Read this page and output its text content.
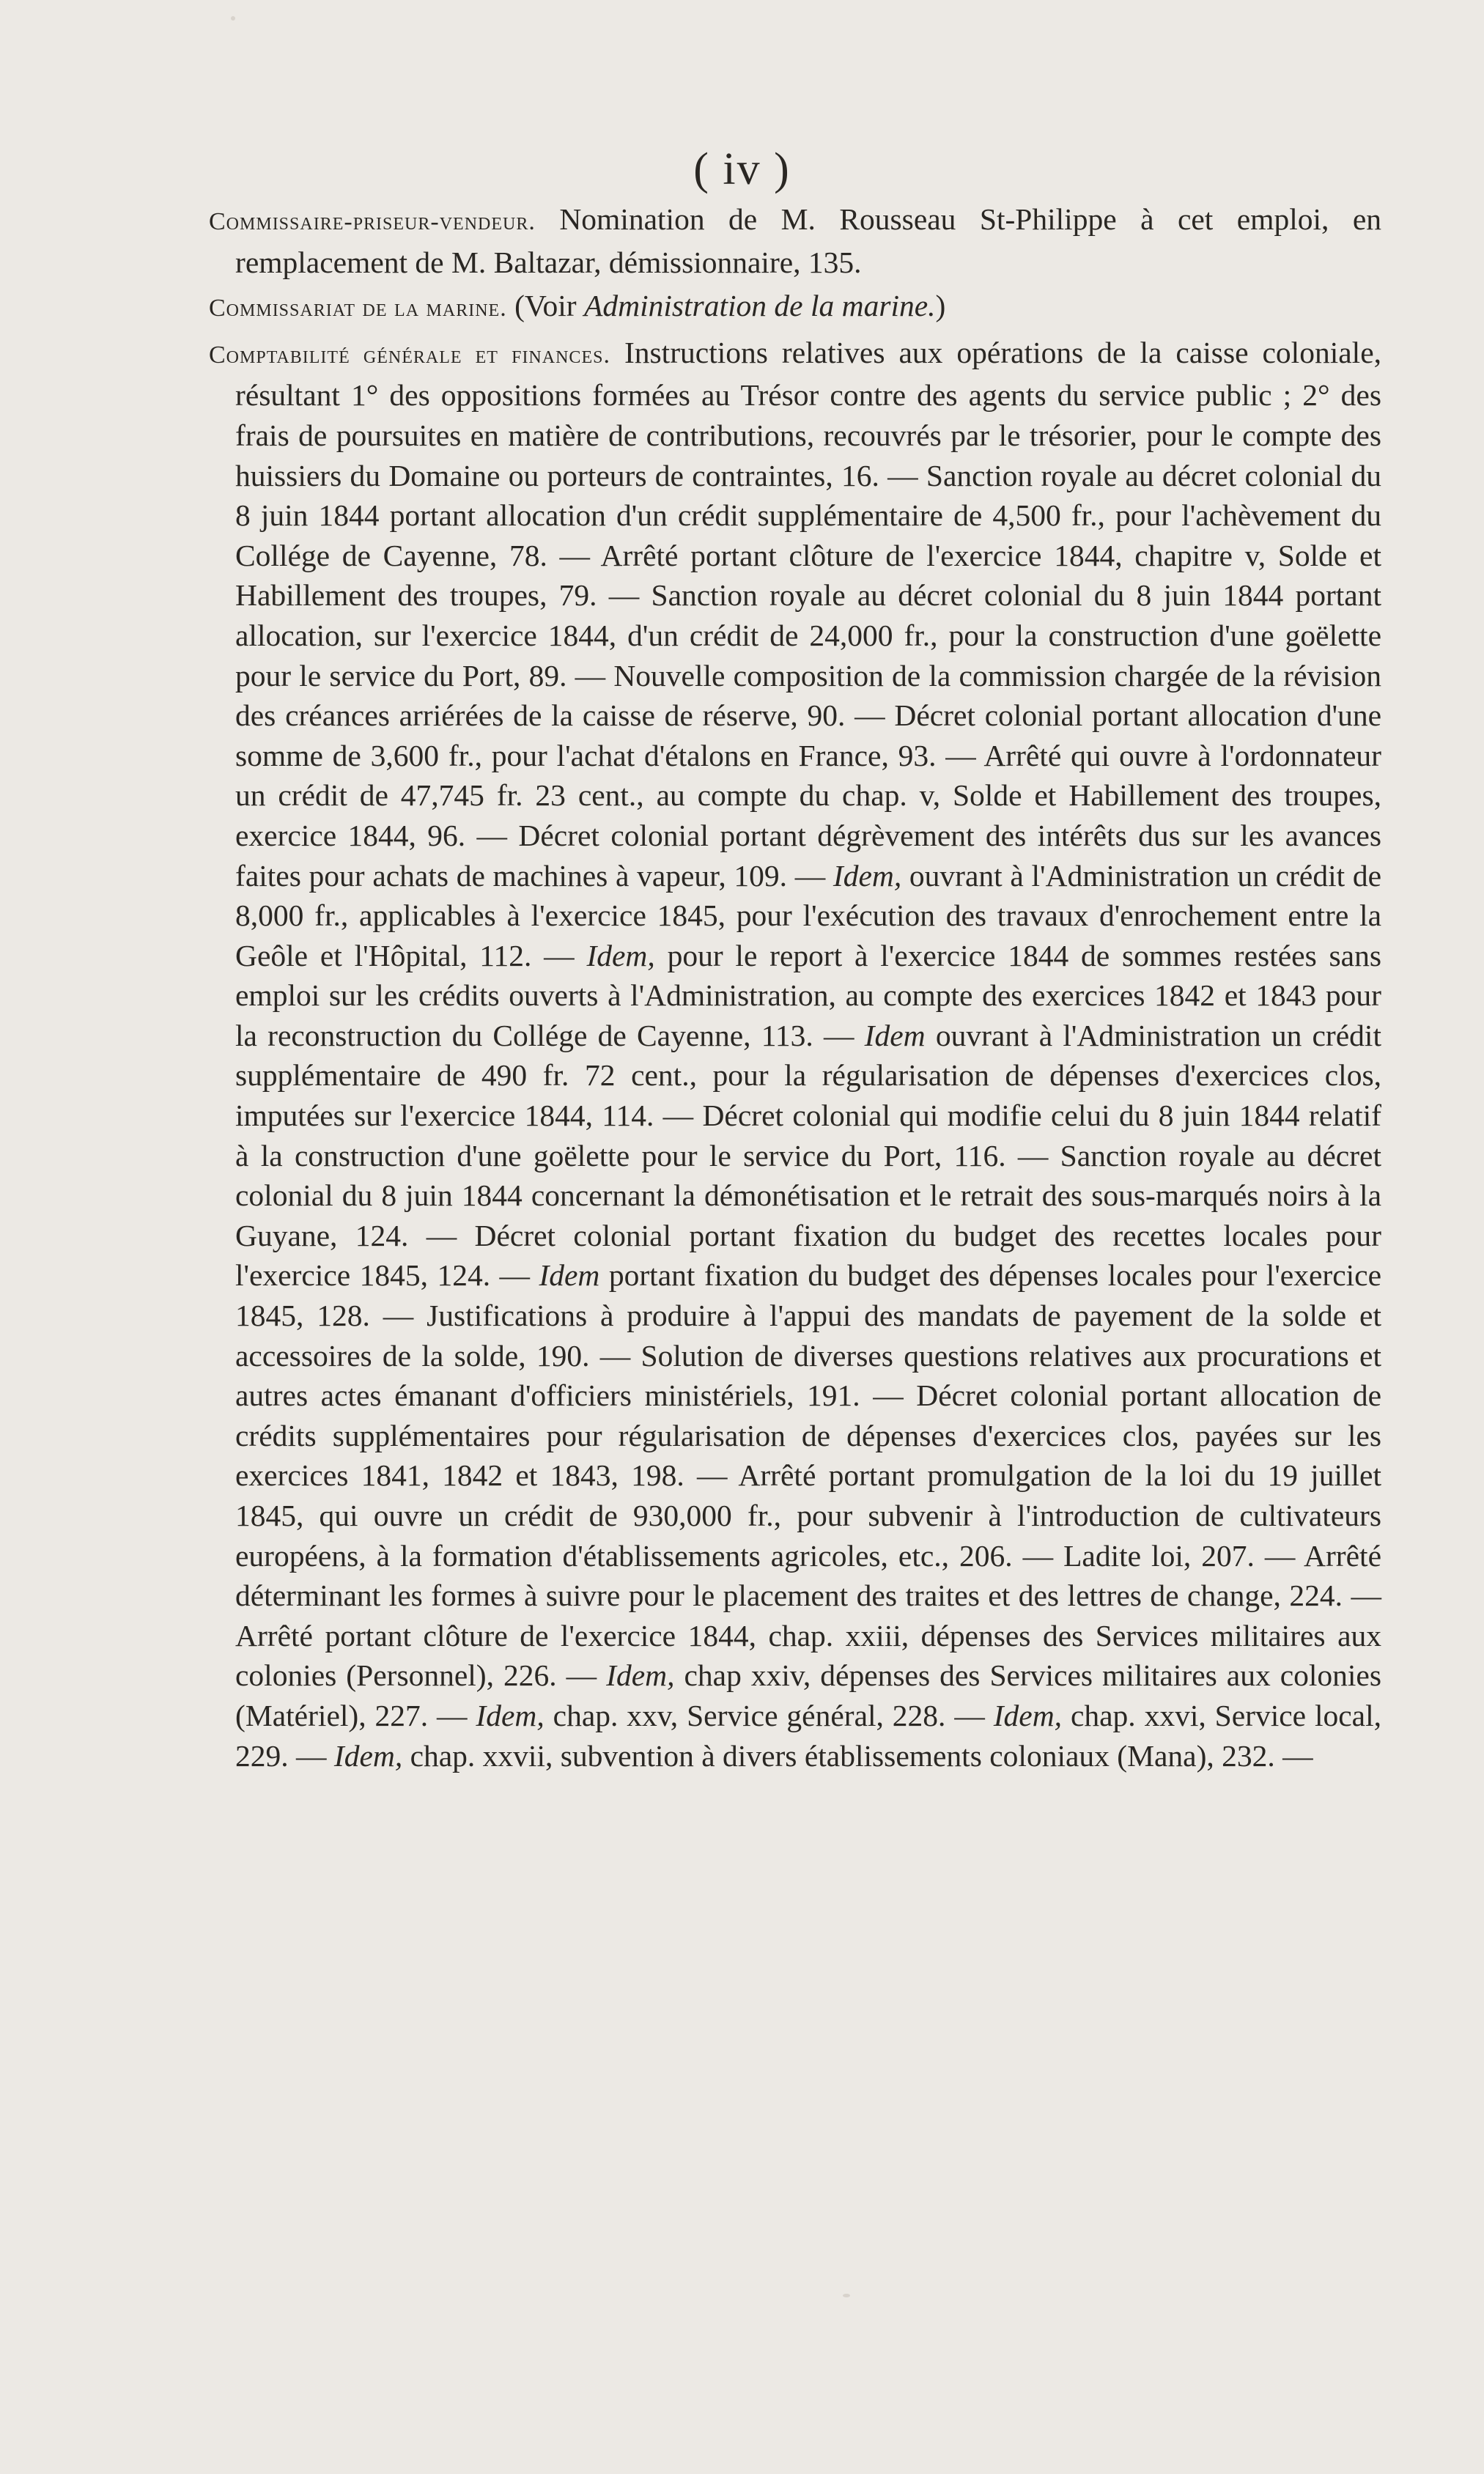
( iv )

Commissaire-priseur-vendeur. Nomination de M. Rousseau St-Philippe à cet emploi, en remplacement de M. Baltazar, démissionnaire, 135.

Commissariat de la marine. (Voir Administration de la marine.)

Comptabilité générale et finances. Instructions relatives aux opérations de la caisse coloniale, résultant 1° des oppositions formées au Trésor contre des agents du service public ; 2° des frais de poursuites en matière de contributions, recouvrés par le trésorier, pour le compte des huissiers du Domaine ou porteurs de contraintes, 16. — Sanction royale au décret colonial du 8 juin 1844 portant allocation d'un crédit supplémentaire de 4,500 fr., pour l'achèvement du Collége de Cayenne, 78. — Arrêté portant clôture de l'exercice 1844, chapitre v, Solde et Habillement des troupes, 79. — Sanction royale au décret colonial du 8 juin 1844 portant allocation, sur l'exercice 1844, d'un crédit de 24,000 fr., pour la construction d'une goëlette pour le service du Port, 89. — Nouvelle composition de la commission chargée de la révision des créances arriérées de la caisse de réserve, 90. — Décret colonial portant allocation d'une somme de 3,600 fr., pour l'achat d'étalons en France, 93. — Arrêté qui ouvre à l'ordonnateur un crédit de 47,745 fr. 23 cent., au compte du chap. v, Solde et Habillement des troupes, exercice 1844, 96. — Décret colonial portant dégrèvement des intérêts dus sur les avances faites pour achats de machines à vapeur, 109. — Idem, ouvrant à l'Administration un crédit de 8,000 fr., applicables à l'exercice 1845, pour l'exécution des travaux d'enrochement entre la Geôle et l'Hôpital, 112. — Idem, pour le report à l'exercice 1844 de sommes restées sans emploi sur les crédits ouverts à l'Administration, au compte des exercices 1842 et 1843 pour la reconstruction du Collége de Cayenne, 113. — Idem ouvrant à l'Administration un crédit supplémentaire de 490 fr. 72 cent., pour la régularisation de dépenses d'exercices clos, imputées sur l'exercice 1844, 114. — Décret colonial qui modifie celui du 8 juin 1844 relatif à la construction d'une goëlette pour le service du Port, 116. — Sanction royale au décret colonial du 8 juin 1844 concernant la démonétisation et le retrait des sous-marqués noirs à la Guyane, 124. — Décret colonial portant fixation du budget des recettes locales pour l'exercice 1845, 124. — Idem portant fixation du budget des dépenses locales pour l'exercice 1845, 128. — Justifications à produire à l'appui des mandats de payement de la solde et accessoires de la solde, 190. — Solution de diverses questions relatives aux procurations et autres actes émanant d'officiers ministériels, 191. — Décret colonial portant allocation de crédits supplémentaires pour régularisation de dépenses d'exercices clos, payées sur les exercices 1841, 1842 et 1843, 198. — Arrêté portant promulgation de la loi du 19 juillet 1845, qui ouvre un crédit de 930,000 fr., pour subvenir à l'introduction de cultivateurs européens, à la formation d'établissements agricoles, etc., 206. — Ladite loi, 207. — Arrêté déterminant les formes à suivre pour le placement des traites et des lettres de change, 224. — Arrêté portant clôture de l'exercice 1844, chap. xxiii, dépenses des Services militaires aux colonies (Personnel), 226. — Idem, chap xxiv, dépenses des Services militaires aux colonies (Matériel), 227. — Idem, chap. xxv, Service général, 228. — Idem, chap. xxvi, Service local, 229. — Idem, chap. xxvii, subvention à divers établissements coloniaux (Mana), 232. —
